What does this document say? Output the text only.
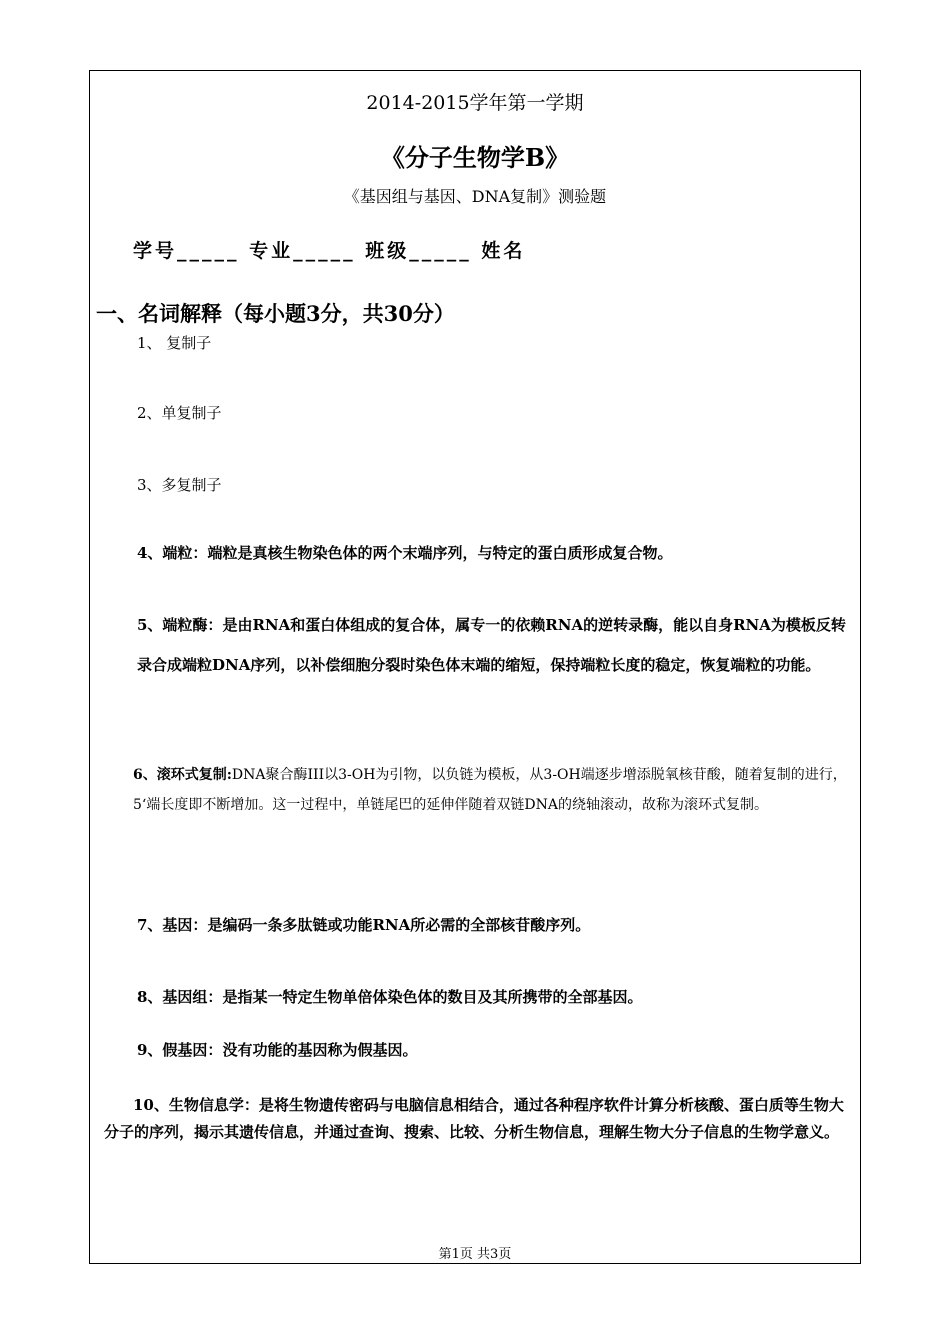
2014-2015学年第一学期
《分子生物学B》
《基因组与基因、DNA复制》测验题
学号_____ 专业_____ 班级_____ 姓名
一、名词解释（每小题3分，共30分）
1、 复制子
2、单复制子
3、多复制子
4、端粒：端粒是真核生物染色体的两个末端序列，与特定的蛋白质形成复合物。
5、端粒酶：是由RNA和蛋白体组成的复合体，属专一的依赖RNA的逆转录酶，能以自身RNA为模板反转录合成端粒DNA序列，以补偿细胞分裂时染色体末端的缩短，保持端粒长度的稳定，恢复端粒的功能。
6、滚环式复制:DNA聚合酶III以3-OH为引物，以负链为模板，从3-OH端逐步增添脱氧核苷酸，随着复制的进行，5‘端长度即不断增加。这一过程中，单链尾巴的延伸伴随着双链DNA的绕轴滚动，故称为滚环式复制。
7、基因：是编码一条多肽链或功能RNA所必需的全部核苷酸序列。
8、基因组：是指某一特定生物单倍体染色体的数目及其所携带的全部基因。
9、假基因：没有功能的基因称为假基因。
10、生物信息学：是将生物遗传密码与电脑信息相结合，通过各种程序软件计算分析核酸、蛋白质等生物大分子的序列，揭示其遗传信息，并通过查询、搜索、比较、分析生物信息，理解生物大分子信息的生物学意义。
第1页 共3页
